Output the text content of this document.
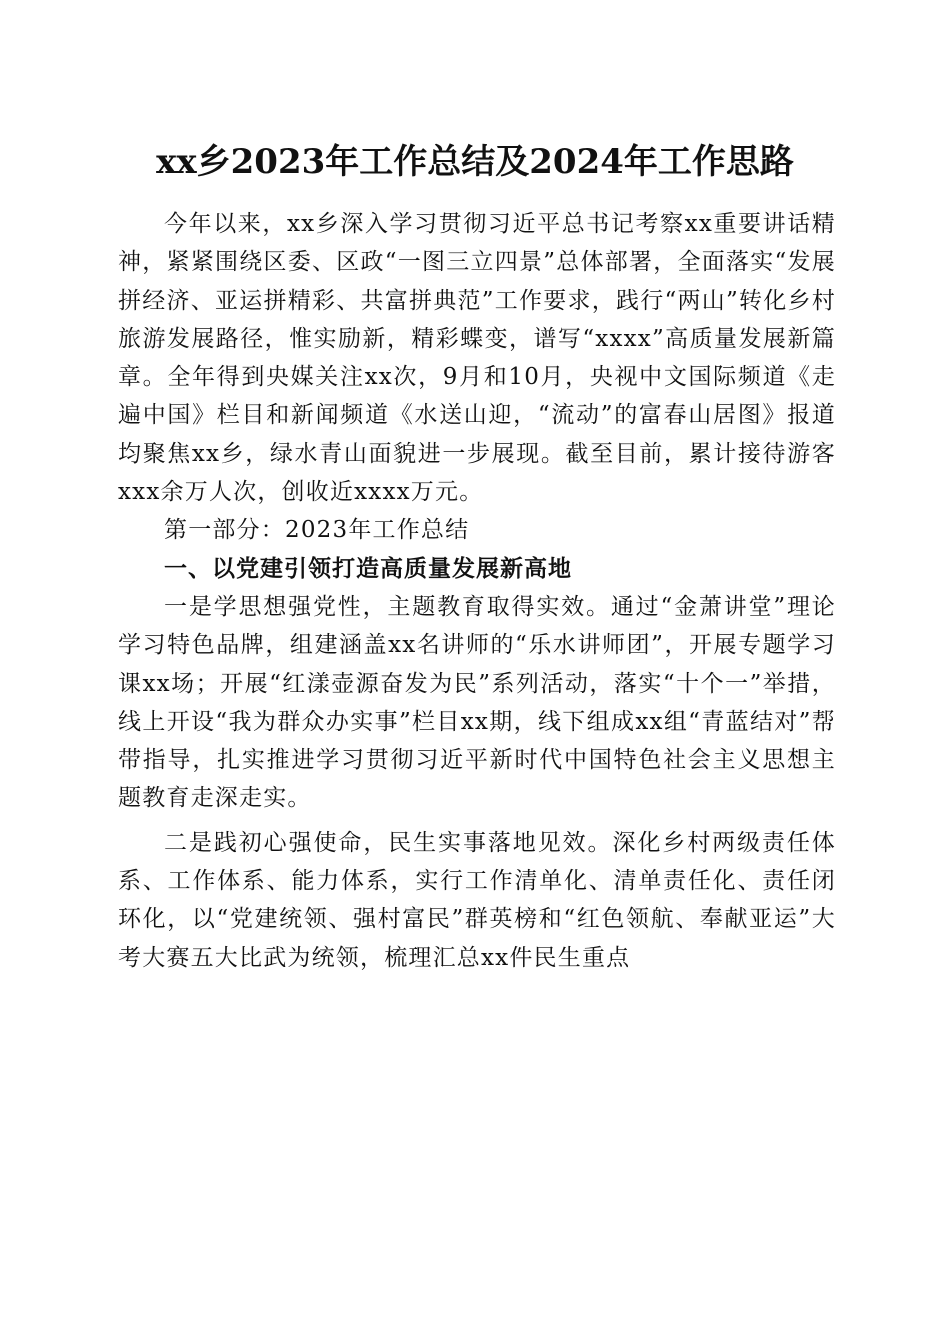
xx乡2023年工作总结及2024年工作思路

今年以来，xx乡深入学习贯彻习近平总书记考察xx重要讲话精神，紧紧围绕区委、区政“一图三立四景”总体部署，全面落实“发展拼经济、亚运拼精彩、共富拼典范”工作要求，践行“两山”转化乡村旅游发展路径，惟实励新，精彩蝶变，谱写“xxxx”高质量发展新篇章。全年得到央媒关注xx次，9月和10月，央视中文国际频道《走遍中国》栏目和新闻频道《水送山迎，“流动”的富春山居图》报道均聚焦xx乡，绿水青山面貌进一步展现。截至目前，累计接待游客xxx余万人次，创收近xxxx万元。

第一部分：2023年工作总结

一、以党建引领打造高质量发展新高地

一是学思想强党性，主题教育取得实效。通过“金萧讲堂”理论学习特色品牌，组建涵盖xx名讲师的“乐水讲师团”，开展专题学习课xx场；开展“红漾壶源奋发为民”系列活动，落实“十个一”举措，线上开设“我为群众办实事”栏目xx期，线下组成xx组“青蓝结对”帮带指导，扎实推进学习贯彻习近平新时代中国特色社会主义思想主题教育走深走实。

二是践初心强使命，民生实事落地见效。深化乡村两级责任体系、工作体系、能力体系，实行工作清单化、清单责任化、责任闭环化，以“党建统领、强村富民”群英榜和“红色领航、奉献亚运”大考大赛五大比武为统领，梳理汇总xx件民生重点
